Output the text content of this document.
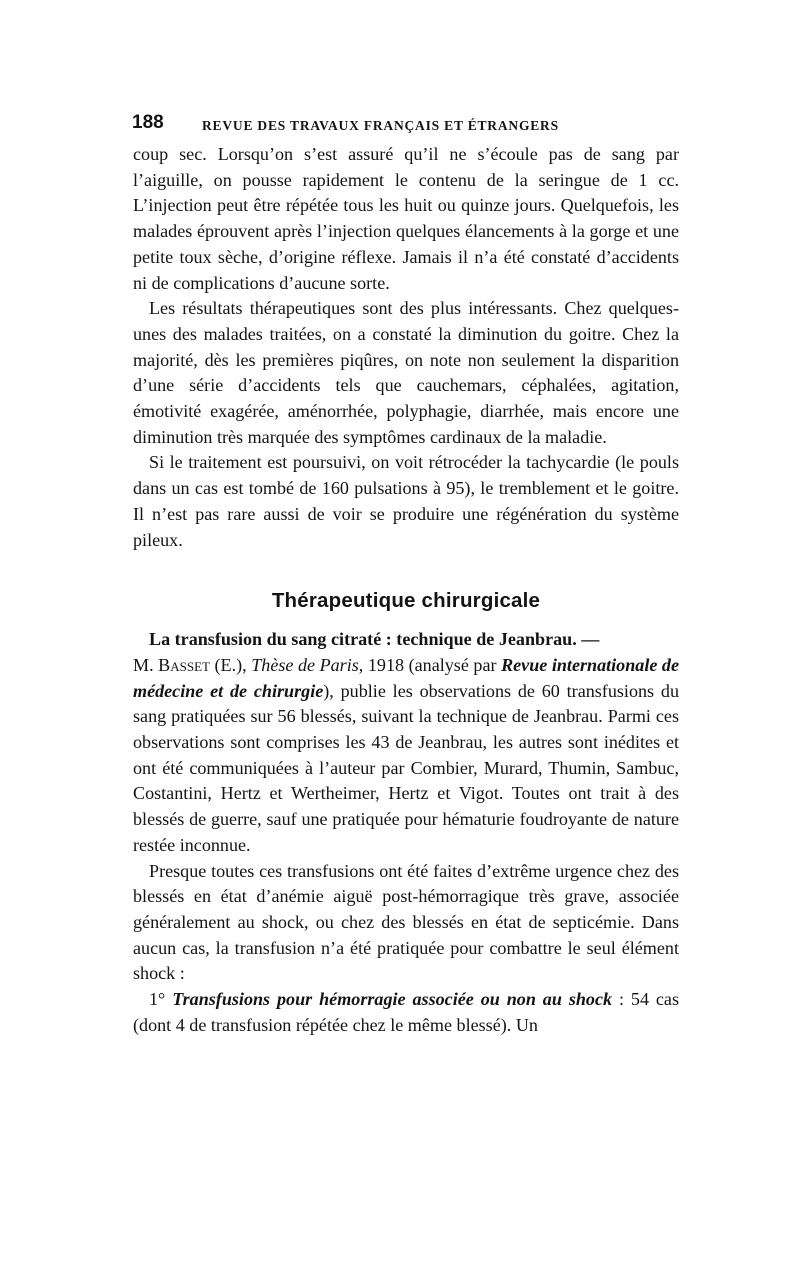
188	REVUE DES TRAVAUX FRANÇAIS ET ÉTRANGERS

coup sec. Lorsqu’on s’est assuré qu’il ne s’écoule pas de sang par l’aiguille, on pousse rapidement le contenu de la seringue de 1 cc. L’injection peut être répétée tous les huit ou quinze jours. Quelquefois, les malades éprouvent après l’injection quelques élancements à la gorge et une petite toux sèche, d’origine réflexe. Jamais il n’a été constaté d’accidents ni de complications d’aucune sorte.

Les résultats thérapeutiques sont des plus intéressants. Chez quelques-unes des malades traitées, on a constaté la diminution du goitre. Chez la majorité, dès les premières piqûres, on note non seulement la disparition d’une série d’accidents tels que cauchemars, céphalées, agitation, émotivité exagérée, aménorrhée, polyphagie, diarrhée, mais encore une diminution très marquée des symptômes cardinaux de la maladie.

Si le traitement est poursuivi, on voit rétrocéder la tachycardie (le pouls dans un cas est tombé de 160 pulsations à 95), le tremblement et le goitre. Il n’est pas rare aussi de voir se produire une régénération du système pileux.

Thérapeutique chirurgicale

La transfusion du sang citraté : technique de Jeanbrau. —
M. Basset (E.), Thèse de Paris, 1918 (analysé par Revue internationale de médecine et de chirurgie), publie les observations de 60 transfusions du sang pratiquées sur 56 blessés, suivant la technique de Jeanbrau. Parmi ces observations sont comprises les 43 de Jeanbrau, les autres sont inédites et ont été communiquées à l’auteur par Combier, Murard, Thumin, Sambuc, Costantini, Hertz et Wertheimer, Hertz et Vigot. Toutes ont trait à des blessés de guerre, sauf une pratiquée pour hématurie foudroyante de nature restée inconnue.

Presque toutes ces transfusions ont été faites d’extrême urgence chez des blessés en état d’anémie aiguë post-hémorragique très grave, associée généralement au shock, ou chez des blessés en état de septicémie. Dans aucun cas, la transfusion n’a été pratiquée pour combattre le seul élément shock :

1° Transfusions pour hémorragie associée ou non au shock : 54 cas (dont 4 de transfusion répétée chez le même blessé). Un
